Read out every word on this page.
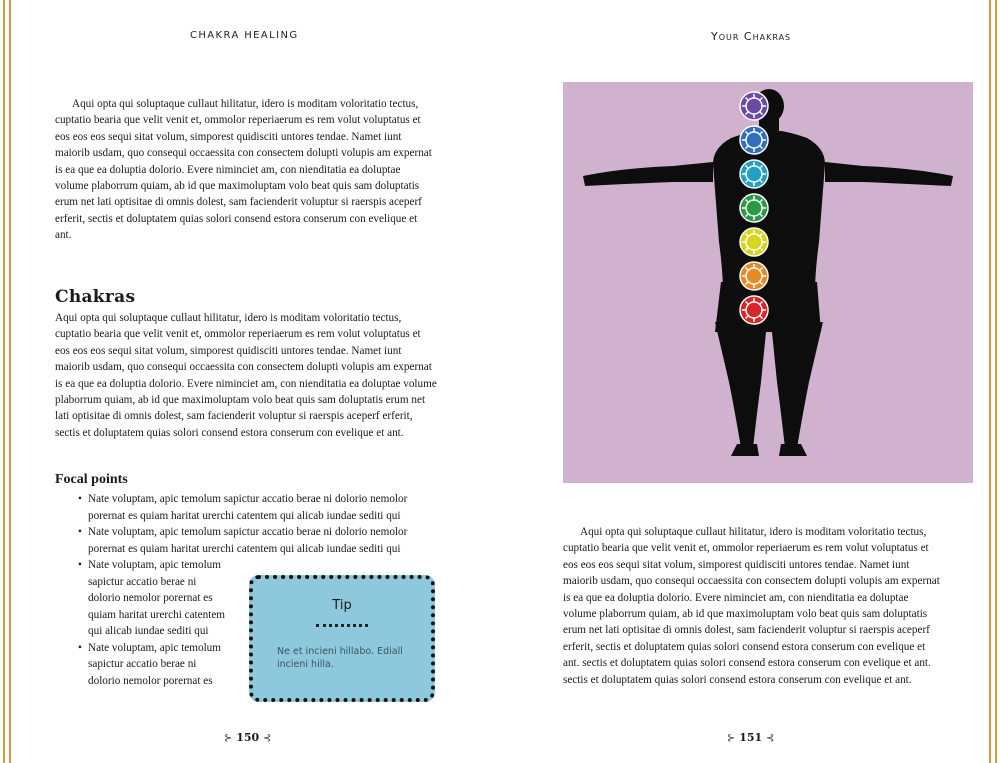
CHAKRA HEALING

Aqui opta qui soluptaque cullaut hilitatur, idero is moditam voloritatio tectus, cuptatio bearia que velit venit et, ommolor reperiaerum es rem volut voluptatus et eos eos eos sequi sitat volum, simporest quidisciti untores tendae. Namet iunt maiorib usdam, quo consequi occaessita con consectem dolupti volupis am expernat is ea que ea doluptia dolorio. Evere niminciet am, con nienditatia ea doluptae volume plaborrum quiam, ab id que maximoluptam volo beat quis sam doluptatis erum net lati optisitae di omnis dolest, sam facienderit voluptur si raerspis aceperf erferit, sectis et doluptatem quias solori consend estora conserum con evelique et ant.

Chakras

Aqui opta qui soluptaque cullaut hilitatur, idero is moditam voloritatio tectus, cuptatio bearia que velit venit et, ommolor reperiaerum es rem volut voluptatus et eos eos eos sequi sitat volum, simporest quidisciti untores tendae. Namet iunt maiorib usdam, quo consequi occaessita con consectem dolupti volupis am expernat is ea que ea doluptia dolorio. Evere niminciet am, con nienditatia ea doluptae volume plaborrum quiam, ab id que maximoluptam volo beat quis sam doluptatis erum net lati optisitae di omnis dolest, sam facienderit voluptur si raerspis aceperf erferit, sectis et doluptatem quias solori consend estora conserum con evelique et ant.

Focal points
• Nate voluptam, apic temolum sapictur accatio berae ni dolorio nemolor porernat es quiam haritat urerchi catentem qui alicab iundae sediti qui
• Nate voluptam, apic temolum sapictur accatio berae ni dolorio nemolor porernat es quiam haritat urerchi catentem qui alicab iundae sediti qui
• Nate voluptam, apic temolum sapictur accatio berae ni dolorio nemolor porernat es quiam haritat urerchi catentem qui alicab iundae sediti qui
• Nate voluptam, apic temolum sapictur accatio berae ni dolorio nemolor porernat es
Tip
Ne et incieni hillabo. Ediall incieni hilla.
⊱ 150 ⊰
Your Chakras

Aqui opta qui soluptaque cullaut hilitatur, idero is moditam voloritatio tectus, cuptatio bearia que velit venit et, ommolor reperiaerum es rem volut voluptatus et eos eos eos sequi sitat volum, simporest quidisciti untores tendae. Namet iunt maiorib usdam, quo consequi occaessita con consectem dolupti volupis am expernat is ea que ea doluptia dolorio. Evere niminciet am, con nienditatia ea doluptae volume plaborrum quiam, ab id que maximoluptam volo beat quis sam doluptatis erum net lati optisitae di omnis dolest, sam facienderit voluptur si raerspis aceperf erferit, sectis et doluptatem quias solori consend estora conserum con evelique et ant. sectis et doluptatem quias solori consend estora conserum con evelique et ant. sectis et doluptatem quias solori consend estora conserum con evelique et ant.

⊱ 151 ⊰
